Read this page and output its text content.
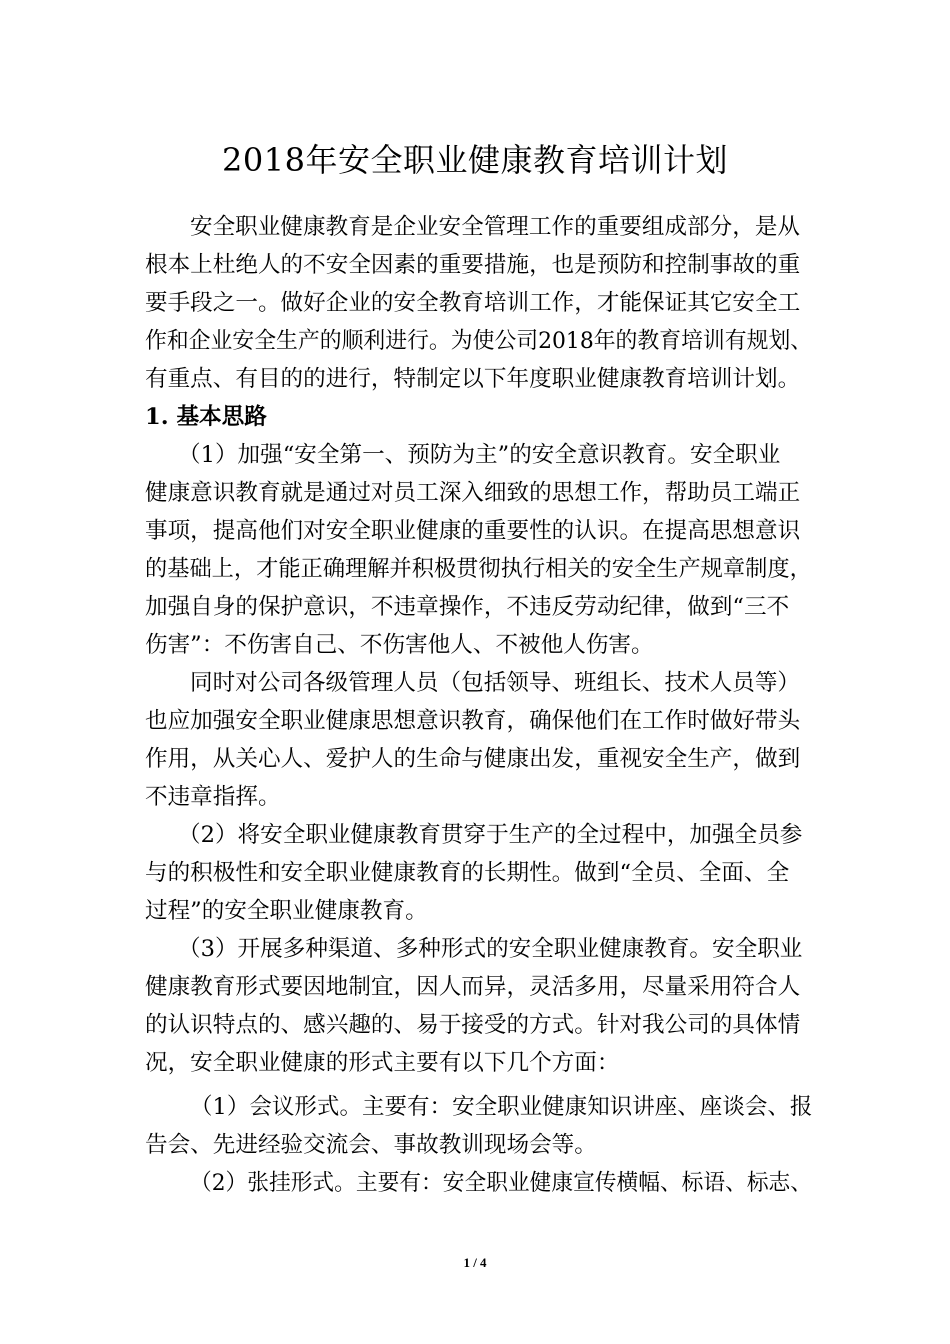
2018年安全职业健康教育培训计划
安全职业健康教育是企业安全管理工作的重要组成部分，是从
根本上杜绝人的不安全因素的重要措施，也是预防和控制事故的重
要手段之一。做好企业的安全教育培训工作，才能保证其它安全工
作和企业安全生产的顺利进行。为使公司2018年的教育培训有规划、
有重点、有目的的进行，特制定以下年度职业健康教育培训计划。
1. 基本思路
（1）加强“安全第一、预防为主”的安全意识教育。安全职业
健康意识教育就是通过对员工深入细致的思想工作，帮助员工端正
事项，提高他们对安全职业健康的重要性的认识。在提高思想意识
的基础上，才能正确理解并积极贯彻执行相关的安全生产规章制度，
加强自身的保护意识，不违章操作，不违反劳动纪律，做到“三不
伤害”：不伤害自己、不伤害他人、不被他人伤害。
同时对公司各级管理人员（包括领导、班组长、技术人员等）
也应加强安全职业健康思想意识教育，确保他们在工作时做好带头
作用，从关心人、爱护人的生命与健康出发，重视安全生产，做到
不违章指挥。
（2）将安全职业健康教育贯穿于生产的全过程中，加强全员参
与的积极性和安全职业健康教育的长期性。做到“全员、全面、全
过程”的安全职业健康教育。
（3）开展多种渠道、多种形式的安全职业健康教育。安全职业
健康教育形式要因地制宜，因人而异，灵活多用，尽量采用符合人
的认识特点的、感兴趣的、易于接受的方式。针对我公司的具体情
况，安全职业健康的形式主要有以下几个方面：
（1）会议形式。主要有：安全职业健康知识讲座、座谈会、报
告会、先进经验交流会、事故教训现场会等。
（2）张挂形式。主要有：安全职业健康宣传横幅、标语、标志、
1 / 4
